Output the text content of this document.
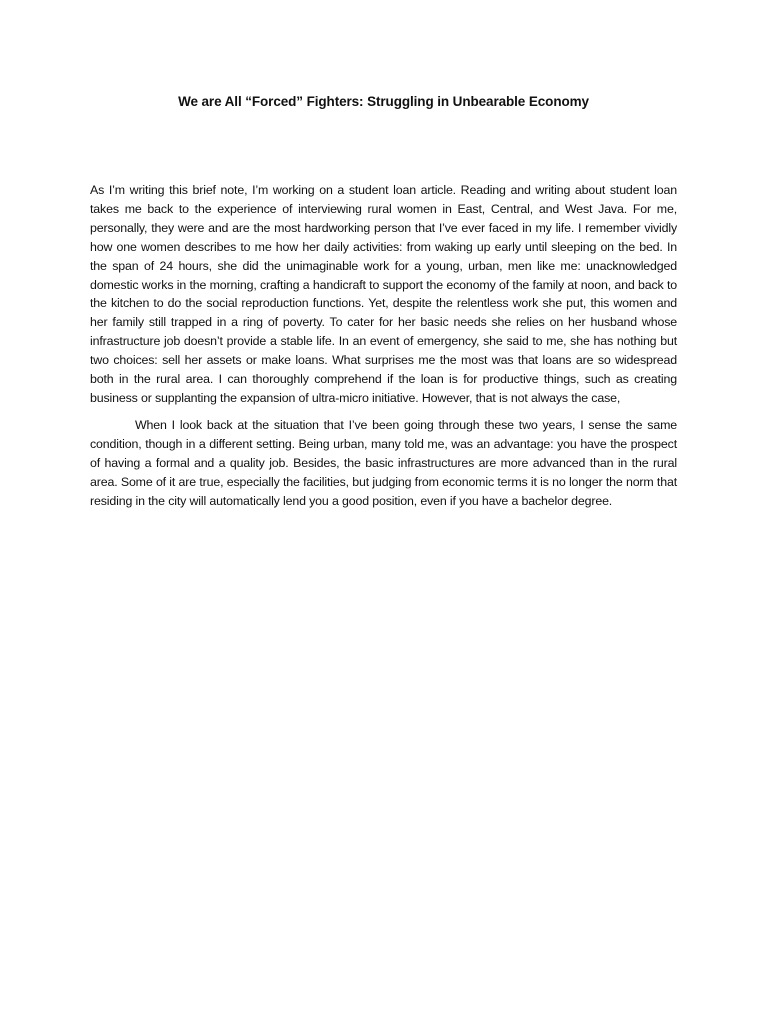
We are All “Forced” Fighters: Struggling in Unbearable Economy

As I’m writing this brief note, I’m working on a student loan article. Reading and writing about student loan takes me back to the experience of interviewing rural women in East, Central, and West Java. For me, personally, they were and are the most hardworking person that I’ve ever faced in my life. I remember vividly how one women describes to me how her daily activities: from waking up early until sleeping on the bed. In the span of 24 hours, she did the unimaginable work for a young, urban, men like me: unacknowledged domestic works in the morning, crafting a handicraft to support the economy of the family at noon, and back to the kitchen to do the social reproduction functions. Yet, despite the relentless work she put, this women and her family still trapped in a ring of poverty. To cater for her basic needs she relies on her husband whose infrastructure job doesn’t provide a stable life. In an event of emergency, she said to me, she has nothing but two choices: sell her assets or make loans. What surprises me the most was that loans are so widespread both in the rural area. I can thoroughly comprehend if the loan is for productive things, such as creating business or supplanting the expansion of ultra-micro initiative. However, that is not always the case,

When I look back at the situation that I’ve been going through these two years, I sense the same condition, though in a different setting. Being urban, many told me, was an advantage: you have the prospect of having a formal and a quality job. Besides, the basic infrastructures are more advanced than in the rural area. Some of it are true, especially the facilities, but judging from economic terms it is no longer the norm that residing in the city will automatically lend you a good position, even if you have a bachelor degree.
